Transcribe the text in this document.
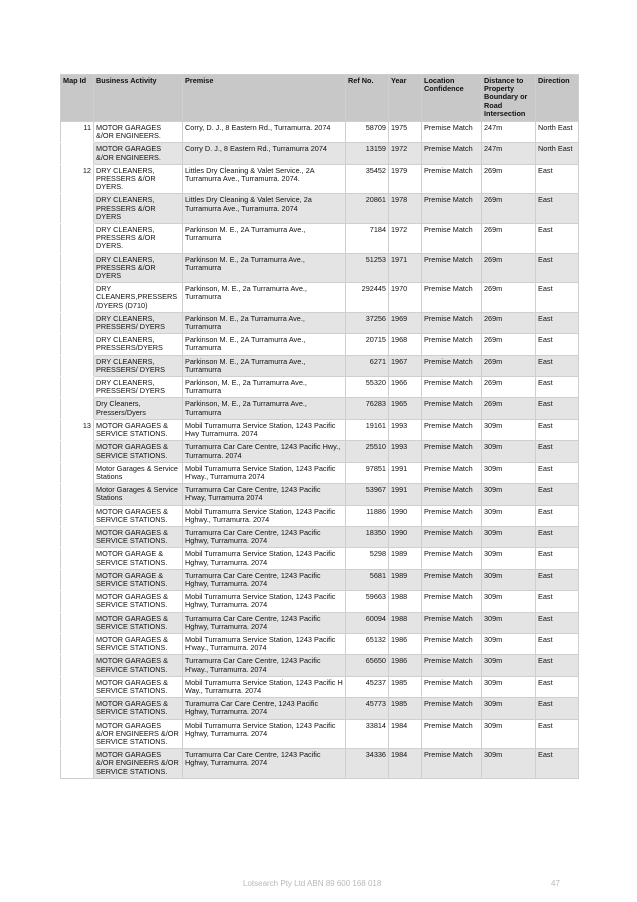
Map Id	Business Activity	Premise	Ref No.	Year	Location Confidence	Distance to Property Boundary or Road Intersection	Direction
11	MOTOR GARAGES &/OR ENGINEERS.	Corry, D. J., 8 Eastern Rd., Turramurra. 2074	58709	1975	Premise Match	247m	North East
	MOTOR GARAGES &/OR ENGINEERS.	Corry D. J., 8 Eastern Rd., Turramurra 2074	13159	1972	Premise Match	247m	North East
12	DRY CLEANERS, PRESSERS &/OR DYERS.	Littles Dry Cleaning & Valet Service., 2A Turramurra Ave., Turramurra. 2074.	35452	1979	Premise Match	269m	East
	DRY CLEANERS, PRESSERS &/OR DYERS	Littles Dry Cleaning & Valet Service, 2a Turramurra Ave., Turramurra. 2074	20861	1978	Premise Match	269m	East
	DRY CLEANERS, PRESSERS &/OR DYERS.	Parkinson M. E., 2A Turramurra Ave., Turramurra	7184	1972	Premise Match	269m	East
	DRY CLEANERS, PRESSERS &/OR DYERS	Parkinson M. E., 2a Turramurra Ave., Turramurra	51253	1971	Premise Match	269m	East
	DRY CLEANERS,PRESSERS /DYERS (D710)	Parkinson, M. E., 2a Turramurra Ave., Turramurra	292445	1970	Premise Match	269m	East
	DRY CLEANERS, PRESSERS/ DYERS	Parkinson M. E., 2a Turramurra Ave., Turramurra	37256	1969	Premise Match	269m	East
	DRY CLEANERS, PRESSERS/DYERS	Parkinson M. E., 2A Turramurra Ave., Turramurra	20715	1968	Premise Match	269m	East
	DRY CLEANERS, PRESSERS/ DYERS	Parkinson M. E., 2A Turramurra Ave., Turramurra	6271	1967	Premise Match	269m	East
	DRY CLEANERS, PRESSERS/ DYERS	Parkinson, M. E., 2a Turramurra Ave., Turramurra	55320	1966	Premise Match	269m	East
	Dry Cleaners, Pressers/Dyers	Parkinson, M. E., 2a Turramurra Ave., Turramurra	76283	1965	Premise Match	269m	East
13	MOTOR GARAGES & SERVICE STATIONS.	Mobil Turramurra Service Station, 1243 Pacific Hwy Turramurra. 2074	19161	1993	Premise Match	309m	East
	MOTOR GARAGES & SERVICE STATIONS.	Turramurra Car Care Centre, 1243 Pacific Hwy., Turramurra. 2074	25510	1993	Premise Match	309m	East
	Motor Garages & Service Stations	Mobil Turramurra Service Station, 1243 Pacific H'way., Turramurra 2074	97851	1991	Premise Match	309m	East
	Motor Garages & Service Stations	Turramurra Car Care Centre, 1243 Pacific H'way, Turramurra 2074	53967	1991	Premise Match	309m	East
	MOTOR GARAGES & SERVICE STATIONS.	Mobil Turramurra Service Station, 1243 Pacific Hghwy., Turramurra. 2074	11886	1990	Premise Match	309m	East
	MOTOR GARAGES & SERVICE STATIONS.	Turramurra Car Care Centre, 1243 Pacific Hghwy, Turramurra. 2074	18350	1990	Premise Match	309m	East
	MOTOR GARAGE & SERVICE STATIONS.	Mobil Turramurra Service Station, 1243 Pacific Hghwy, Turramurra. 2074	5298	1989	Premise Match	309m	East
	MOTOR GARAGE & SERVICE STATIONS.	Turramurra Car Care Centre, 1243 Pacific Hghwy, Turramurra. 2074	5681	1989	Premise Match	309m	East
	MOTOR GARAGES & SERVICE STATIONS.	Mobil Turramurra Service Station, 1243 Pacific Hghwy, Turramurra. 2074	59663	1988	Premise Match	309m	East
	MOTOR GARAGES & SERVICE STATIONS.	Turramurra Car Care Centre, 1243 Pacific Hghwy, Turramurra. 2074	60094	1988	Premise Match	309m	East
	MOTOR GARAGES & SERVICE STATIONS.	Mobil Turramurra Service Station, 1243 Pacific H'way., Turramurra. 2074	65132	1986	Premise Match	309m	East
	MOTOR GARAGES & SERVICE STATIONS.	Turramurra Car Care Centre, 1243 Pacific H'way., Turramurra. 2074	65650	1986	Premise Match	309m	East
	MOTOR GARAGES & SERVICE STATIONS.	Mobil Turramurra Service Station, 1243 Pacific H Way., Turramurra. 2074	45237	1985	Premise Match	309m	East
	MOTOR GARAGES & SERVICE STATIONS.	Turamurra Car Care Centre, 1243 Pacific Hghwy, Turramurra. 2074	45773	1985	Premise Match	309m	East
	MOTOR GARAGES &/OR ENGINEERS &/OR SERVICE STATIONS.	Mobil Turramurra Service Station, 1243 Pacific Hghwy, Turramurra. 2074	33814	1984	Premise Match	309m	East
	MOTOR GARAGES &/OR ENGINEERS &/OR SERVICE STATIONS.	Turramurra Car Care Centre, 1243 Pacific Hghwy, Turramurra. 2074	34336	1984	Premise Match	309m	East
Lotsearch Pty Ltd ABN 89 600 168 018	47
